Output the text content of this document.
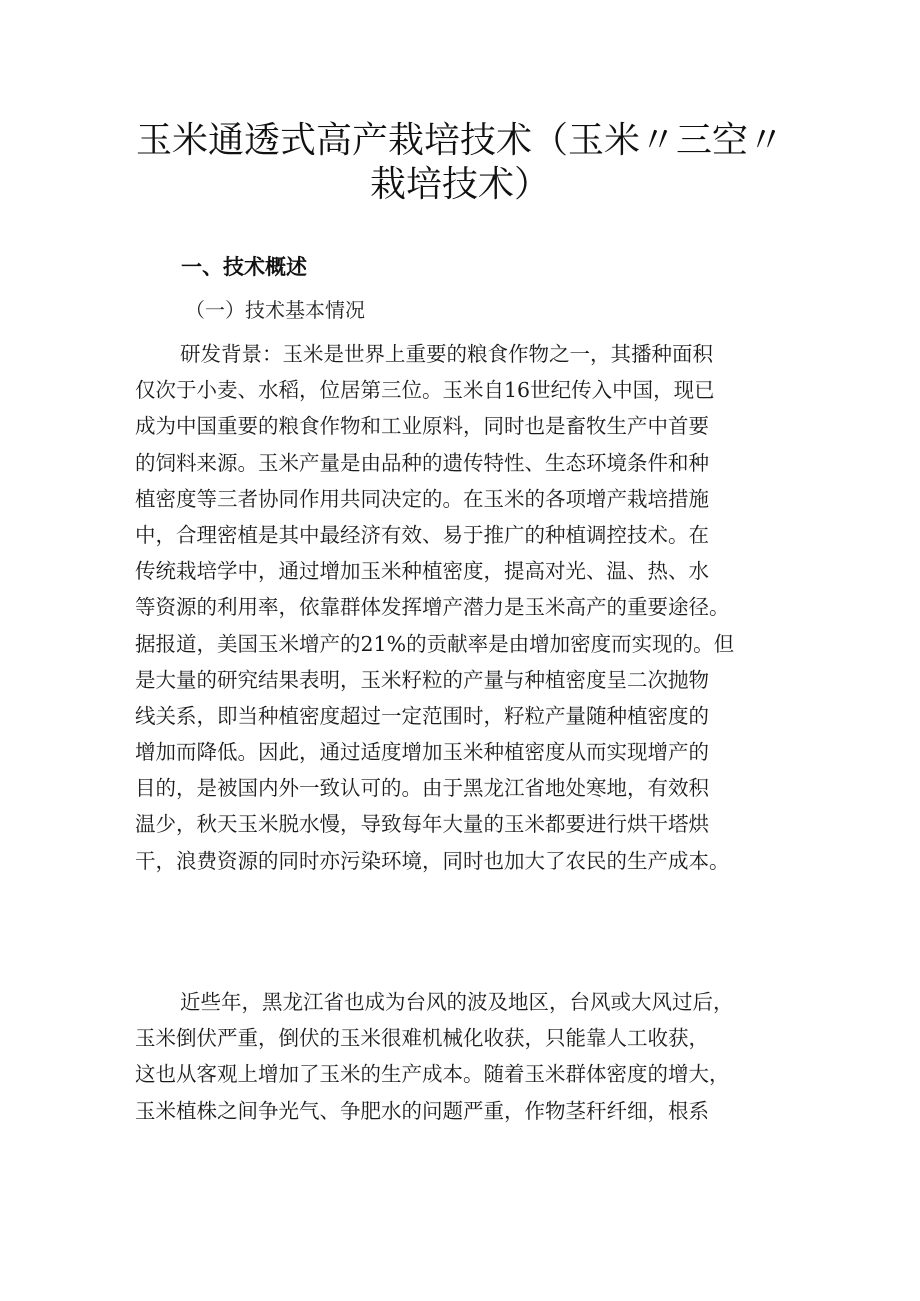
玉米通透式高产栽培技术（玉米〃三空〃
栽培技术）
一、技术概述
（一）技术基本情况
研发背景：玉米是世界上重要的粮食作物之一，其播种面积
仅次于小麦、水稻，位居第三位。玉米自16世纪传入中国，现已
成为中国重要的粮食作物和工业原料，同时也是畜牧生产中首要
的饲料来源。玉米产量是由品种的遗传特性、生态环境条件和种
植密度等三者协同作用共同决定的。在玉米的各项增产栽培措施
中，合理密植是其中最经济有效、易于推广的种植调控技术。在
传统栽培学中，通过增加玉米种植密度，提高对光、温、热、水
等资源的利用率，依靠群体发挥增产潜力是玉米高产的重要途径。
据报道，美国玉米增产的21%的贡献率是由增加密度而实现的。但
是大量的研究结果表明，玉米籽粒的产量与种植密度呈二次抛物
线关系，即当种植密度超过一定范围时，籽粒产量随种植密度的
增加而降低。因此，通过适度增加玉米种植密度从而实现增产的
目的，是被国内外一致认可的。由于黑龙江省地处寒地，有效积
温少，秋天玉米脱水慢，导致每年大量的玉米都要进行烘干塔烘
干，浪费资源的同时亦污染环境，同时也加大了农民的生产成本。
近些年，黑龙江省也成为台风的波及地区，台风或大风过后，
玉米倒伏严重，倒伏的玉米很难机械化收获，只能靠人工收获，
这也从客观上增加了玉米的生产成本。随着玉米群体密度的增大，
玉米植株之间争光气、争肥水的问题严重，作物茎秆纤细，根系
